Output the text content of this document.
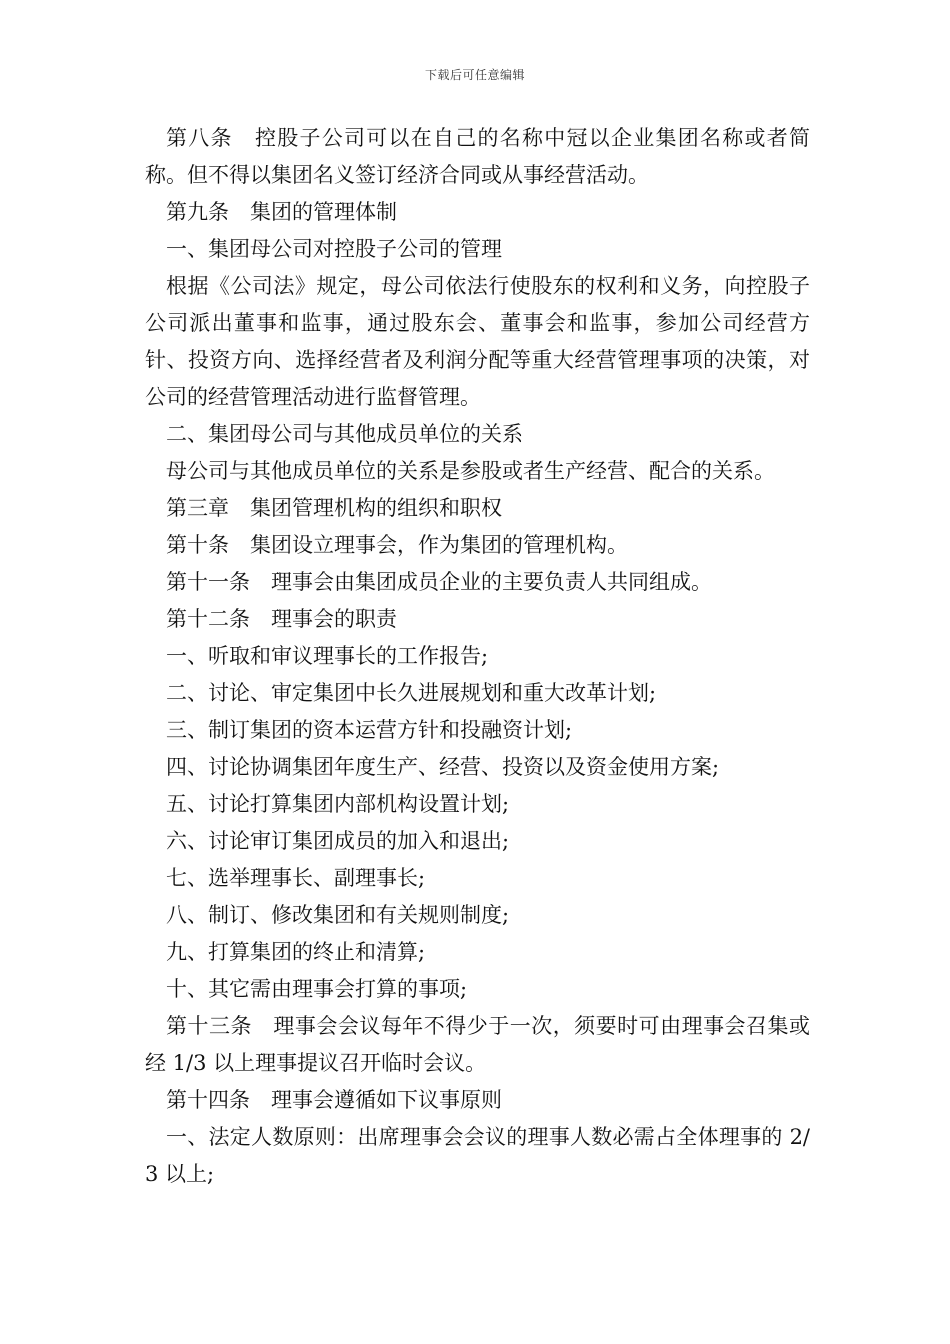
下载后可任意编辑

第八条　控股子公司可以在自己的名称中冠以企业集团名称或者简称。但不得以集团名义签订经济合同或从事经营活动。

第九条　集团的管理体制

一、集团母公司对控股子公司的管理

根据《公司法》规定，母公司依法行使股东的权利和义务，向控股子公司派出董事和监事，通过股东会、董事会和监事，参加公司经营方针、投资方向、选择经营者及利润分配等重大经营管理事项的决策，对公司的经营管理活动进行监督管理。

二、集团母公司与其他成员单位的关系

母公司与其他成员单位的关系是参股或者生产经营、配合的关系。

第三章　集团管理机构的组织和职权

第十条　集团设立理事会，作为集团的管理机构。

第十一条　理事会由集团成员企业的主要负责人共同组成。

第十二条　理事会的职责

一、听取和审议理事长的工作报告;

二、讨论、审定集团中长久进展规划和重大改革计划;

三、制订集团的资本运营方针和投融资计划;

四、讨论协调集团年度生产、经营、投资以及资金使用方案;

五、讨论打算集团内部机构设置计划;

六、讨论审订集团成员的加入和退出;

七、选举理事长、副理事长;

八、制订、修改集团和有关规则制度;

九、打算集团的终止和清算;

十、其它需由理事会打算的事项;

第十三条　理事会会议每年不得少于一次，须要时可由理事会召集或经 1/3 以上理事提议召开临时会议。

第十四条　理事会遵循如下议事原则

一、法定人数原则：出席理事会会议的理事人数必需占全体理事的 2/3 以上;
